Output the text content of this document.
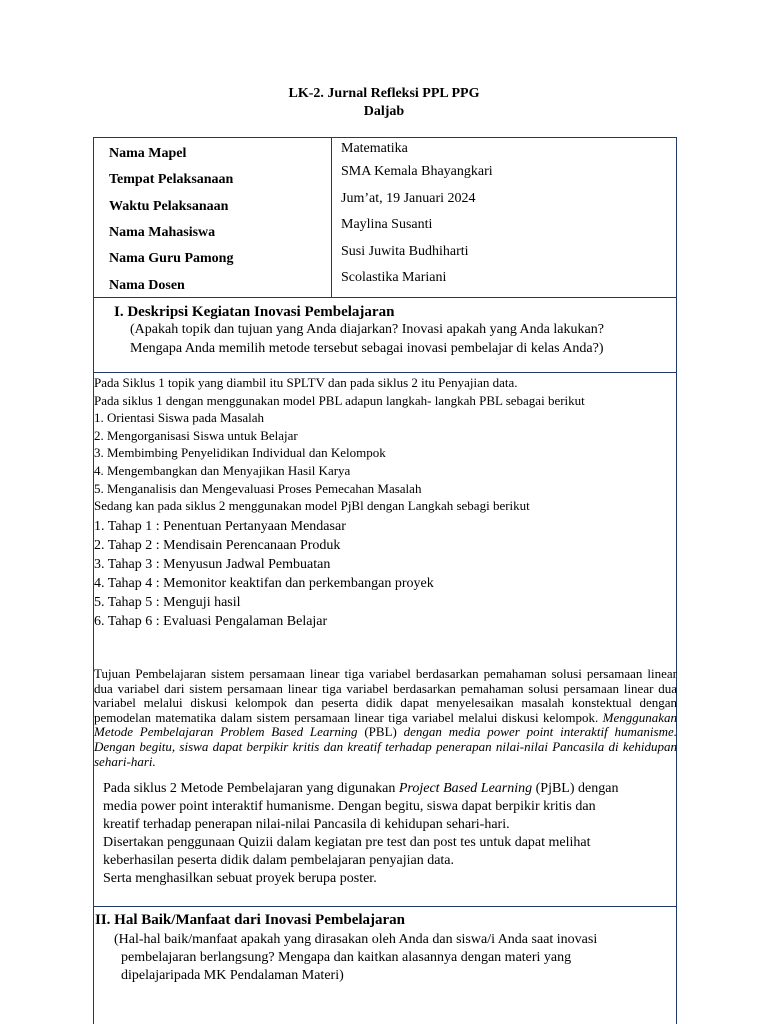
LK-2. Jurnal Refleksi PPL PPG
Daljab
Nama Mapel	Matematika
Tempat Pelaksanaan
SMA Kemala Bhayangkari
Waktu Pelaksanaan
Jum’at, 19 Januari 2024
Nama Mahasiswa
Maylina Susanti
Nama Guru Pamong	Susi Juwita Budhiharti
Nama Dosen
Scolastika Mariani
I. Deskripsi Kegiatan Inovasi Pembelajaran
(Apakah topik dan tujuan yang Anda diajarkan? Inovasi apakah yang Anda lakukan?
Mengapa Anda memilih metode tersebut sebagai inovasi pembelajar di kelas Anda?)
Pada Siklus 1 topik yang diambil itu SPLTV dan pada siklus 2 itu Penyajian data.
Pada siklus 1 dengan menggunakan model PBL adapun langkah- langkah PBL sebagai berikut
1. Orientasi Siswa pada Masalah
2. Mengorganisasi Siswa untuk Belajar
3. Membimbing Penyelidikan Individual dan Kelompok
4. Mengembangkan dan Menyajikan Hasil Karya
5. Menganalisis dan Mengevaluasi Proses Pemecahan Masalah
Sedang kan pada siklus 2 menggunakan model PjBl dengan Langkah sebagi berikut
1. Tahap 1 : Penentuan Pertanyaan Mendasar
2. Tahap 2 : Mendisain Perencanaan Produk
3. Tahap 3 : Menyusun Jadwal Pembuatan
4. Tahap 4 : Memonitor keaktifan dan perkembangan proyek
5. Tahap 5 : Menguji hasil
6. Tahap 6 : Evaluasi Pengalaman Belajar
Tujuan Pembelajaran sistem persamaan linear tiga variabel berdasarkan pemahaman solusi persamaan linear dua variabel dari sistem persamaan linear tiga variabel berdasarkan pemahaman solusi persamaan linear dua variabel melalui diskusi kelompok dan peserta didik dapat menyelesaikan masalah konstektual dengan pemodelan matematika dalam sistem persamaan linear tiga variabel melalui diskusi kelompok. Menggunakan Metode Pembelajaran Problem Based Learning (PBL) dengan media power point interaktif humanisme. Dengan begitu, siswa dapat berpikir kritis dan kreatif terhadap penerapan nilai-nilai Pancasila di kehidupan sehari-hari.
Pada siklus 2 Metode Pembelajaran yang digunakan Project Based Learning (PjBL) dengan
media power point interaktif humanisme. Dengan begitu, siswa dapat berpikir kritis dan
kreatif terhadap penerapan nilai-nilai Pancasila di kehidupan sehari-hari.
Disertakan penggunaan Quizii dalam kegiatan pre test dan post tes untuk dapat melihat
keberhasilan peserta didik dalam pembelajaran penyajian data.
Serta menghasilkan sebuat proyek berupa poster.
II. Hal Baik/Manfaat dari Inovasi Pembelajaran
(Hal-hal baik/manfaat apakah yang dirasakan oleh Anda dan siswa/i Anda saat inovasi
pembelajaran berlangsung? Mengapa dan kaitkan alasannya dengan materi yang
dipelajaripada MK Pendalaman Materi)
